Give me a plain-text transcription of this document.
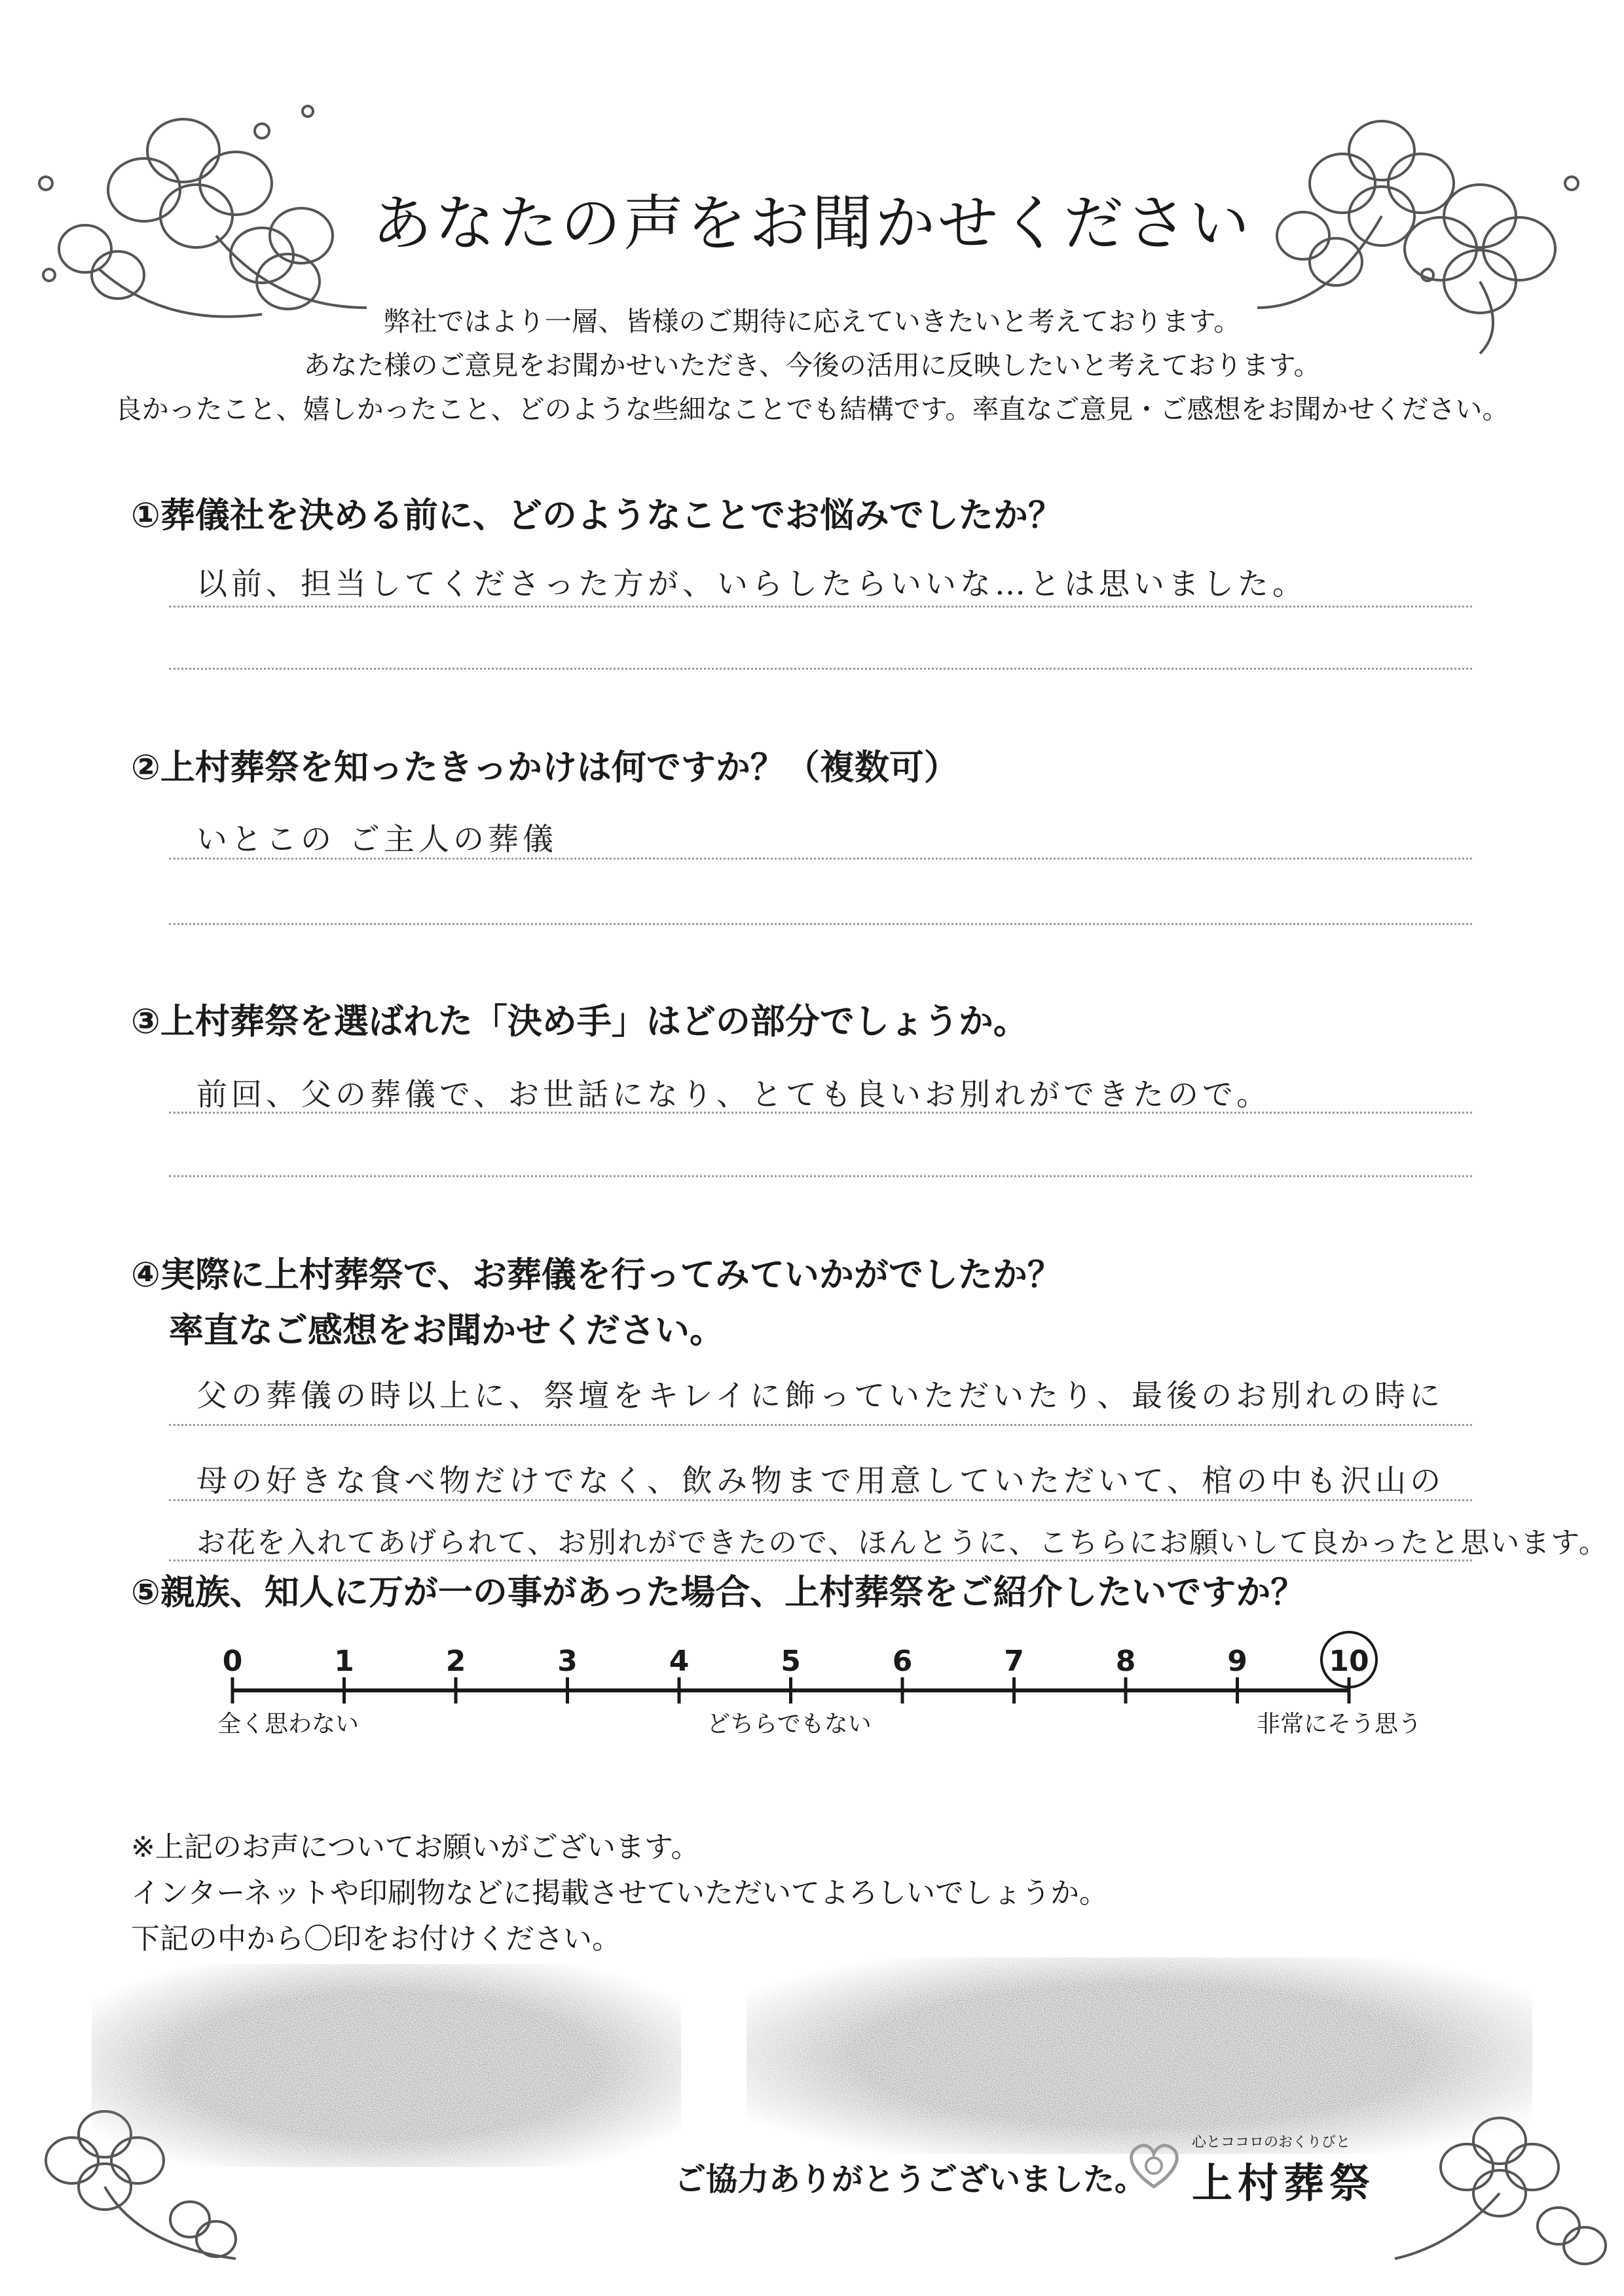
あなたの声をお聞かせください
弊社ではより一層、皆様のご期待に応えていきたいと考えております。
あなた様のご意見をお聞かせいただき、今後の活用に反映したいと考えております。
良かったこと、嬉しかったこと、どのような些細なことでも結構です。率直なご意見・ご感想をお聞かせください。
①葬儀社を決める前に、どのようなことでお悩みでしたか？
以前、担当してくださった方が、いらしたらいいな…とは思いました。
②上村葬祭を知ったきっかけは何ですか？（複数可）
いとこの ご主人の葬儀
③上村葬祭を選ばれた「決め手」はどの部分でしょうか。
前回、父の葬儀で、お世話になり、とても良いお別れができたので。
④実際に上村葬祭で、お葬儀を行ってみていかがでしたか？
率直なご感想をお聞かせください。
父の葬儀の時以上に、祭壇をキレイに飾っていただいたり、最後のお別れの時に
母の好きな食べ物だけでなく、飲み物まで用意していただいて、棺の中も沢山の
お花を入れてあげられて、お別れができたので、ほんとうに、こちらにお願いして良かったと思います。
⑤親族、知人に万が一の事があった場合、上村葬祭をご紹介したいですか？
0	1	2	3	4	5	6	7	8	9	10
全く思わない	どちらでもない	非常にそう思う
※上記のお声についてお願いがございます。
インターネットや印刷物などに掲載させていただいてよろしいでしょうか。
下記の中から〇印をお付けください。
ご協力ありがとうございました。
心とココロのおくりびと
上村葬祭
